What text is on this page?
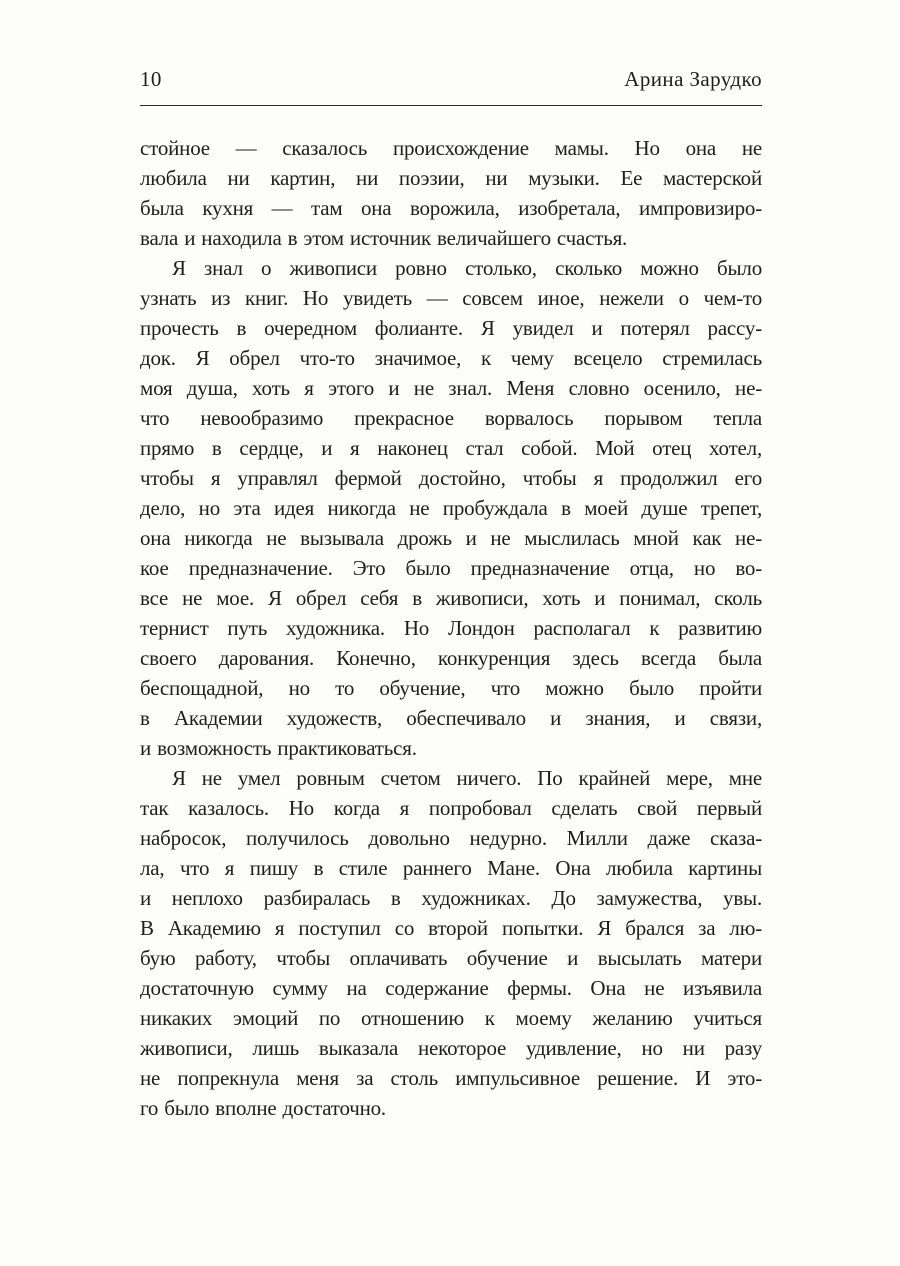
10	Арина Зарудко
стойное — сказалось происхождение мамы. Но она не
любила ни картин, ни поэзии, ни музыки. Ее мастерской
была кухня — там она ворожила, изобретала, импровизиро-
вала и находила в этом источник величайшего счастья.
Я знал о живописи ровно столько, сколько можно было
узнать из книг. Но увидеть — совсем иное, нежели о чем-то
прочесть в очередном фолианте. Я увидел и потерял рассу-
док. Я обрел что-то значимое, к чему всецело стремилась
моя душа, хоть я этого и не знал. Меня словно осенило, не-
что невообразимо прекрасное ворвалось порывом тепла
прямо в сердце, и я наконец стал собой. Мой отец хотел,
чтобы я управлял фермой достойно, чтобы я продолжил его
дело, но эта идея никогда не пробуждала в моей душе трепет,
она никогда не вызывала дрожь и не мыслилась мной как не-
кое предназначение. Это было предназначение отца, но во-
все не мое. Я обрел себя в живописи, хоть и понимал, сколь
тернист путь художника. Но Лондон располагал к развитию
своего дарования. Конечно, конкуренция здесь всегда была
беспощадной, но то обучение, что можно было пройти
в Академии художеств, обеспечивало и знания, и связи,
и возможность практиковаться.
Я не умел ровным счетом ничего. По крайней мере, мне
так казалось. Но когда я попробовал сделать свой первый
набросок, получилось довольно недурно. Милли даже сказа-
ла, что я пишу в стиле раннего Мане. Она любила картины
и неплохо разбиралась в художниках. До замужества, увы.
В Академию я поступил со второй попытки. Я брался за лю-
бую работу, чтобы оплачивать обучение и высылать матери
достаточную сумму на содержание фермы. Она не изъявила
никаких эмоций по отношению к моему желанию учиться
живописи, лишь выказала некоторое удивление, но ни разу
не попрекнула меня за столь импульсивное решение. И это-
го было вполне достаточно.
